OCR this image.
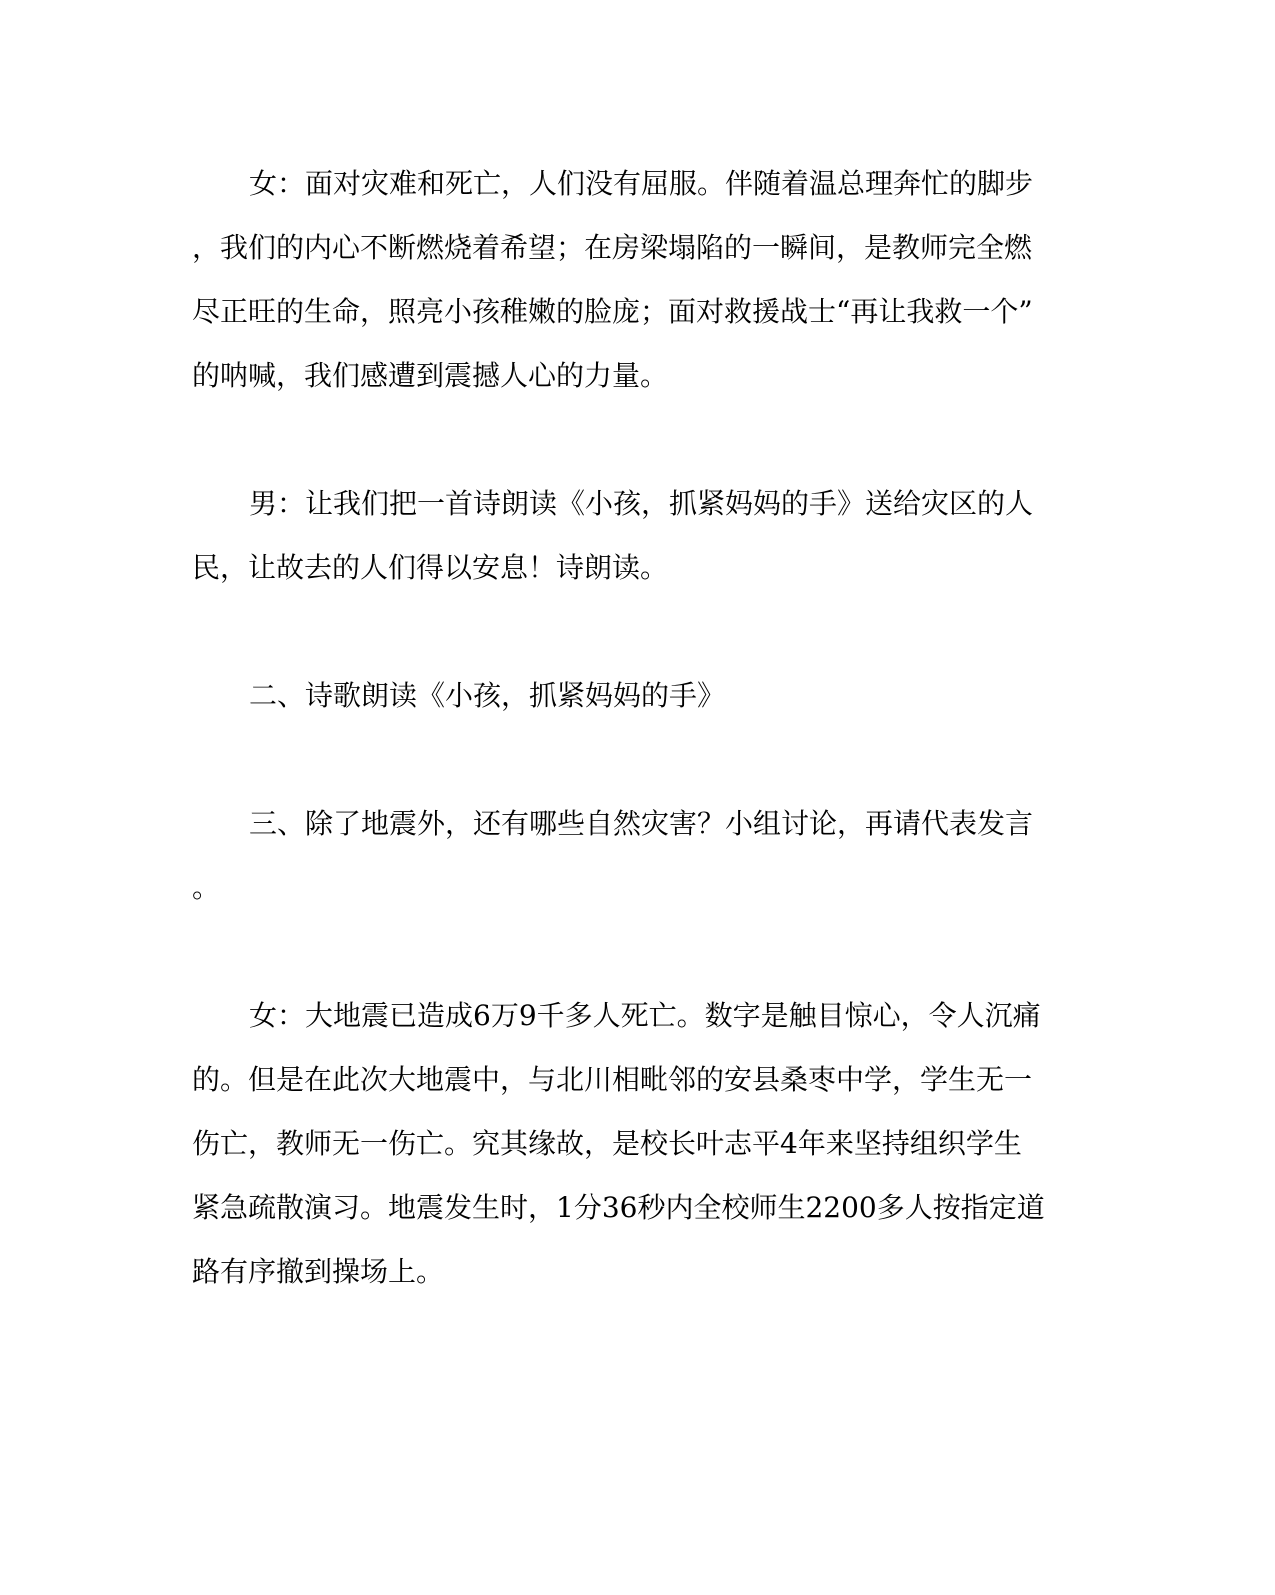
女：面对灾难和死亡，人们没有屈服。伴随着温总理奔忙的脚步
，我们的内心不断燃烧着希望；在房梁塌陷的一瞬间，是教师完全燃
尽正旺的生命，照亮小孩稚嫩的脸庞；面对救援战士“再让我救一个”
的呐喊，我们感遭到震撼人心的力量。
男：让我们把一首诗朗读《小孩，抓紧妈妈的手》送给灾区的人
民，让故去的人们得以安息！诗朗读。
二、诗歌朗读《小孩，抓紧妈妈的手》
三、除了地震外，还有哪些自然灾害？小组讨论，再请代表发言
。
女：大地震已造成6万9千多人死亡。数字是触目惊心，令人沉痛
的。但是在此次大地震中，与北川相毗邻的安县桑枣中学，学生无一
伤亡，教师无一伤亡。究其缘故，是校长叶志平4年来坚持组织学生
紧急疏散演习。地震发生时，1分36秒内全校师生2200多人按指定道
路有序撤到操场上。
